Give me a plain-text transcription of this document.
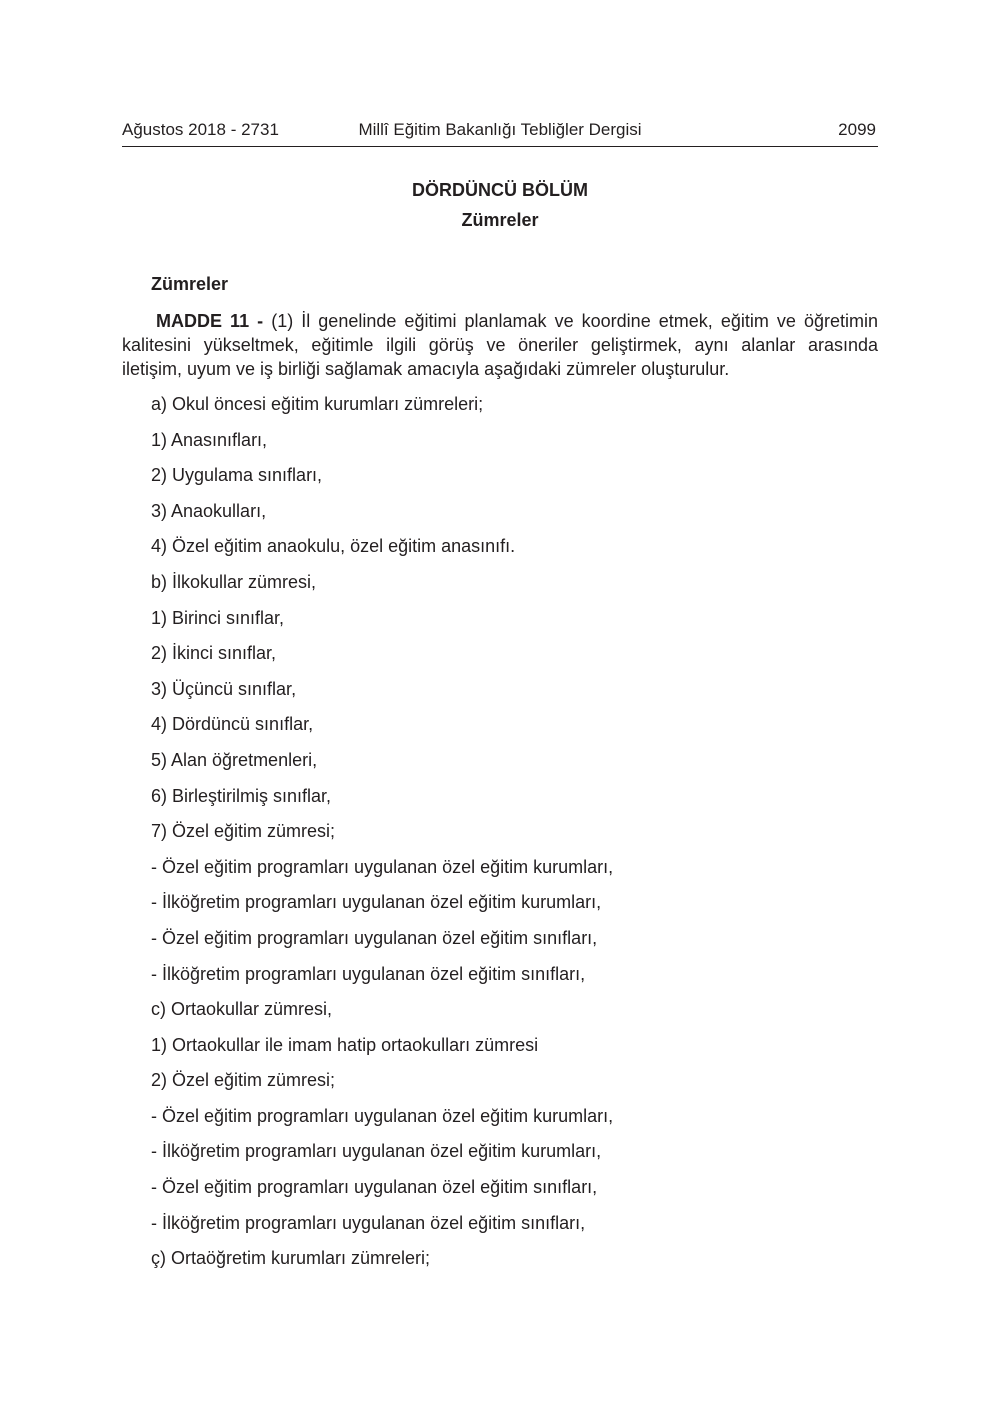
Ağustos 2018 - 2731	Millî Eğitim Bakanlığı Tebliğler Dergisi	2099
DÖRDÜNCÜ BÖLÜM
Zümreler
Zümreler
MADDE 11 - (1) İl genelinde eğitimi planlamak ve koordine etmek, eğitim ve öğretimin
kalitesini yükseltmek, eğitimle ilgili görüş ve öneriler geliştirmek, aynı alanlar arasında
iletişim, uyum ve iş birliği sağlamak amacıyla aşağıdaki zümreler oluşturulur.
a) Okul öncesi eğitim kurumları zümreleri;
1) Anasınıfları,
2) Uygulama sınıfları,
3) Anaokulları,
4) Özel eğitim anaokulu, özel eğitim anasınıfı.
b) İlkokullar zümresi,
1) Birinci sınıflar,
2) İkinci sınıflar,
3) Üçüncü sınıflar,
4) Dördüncü sınıflar,
5) Alan öğretmenleri,
6) Birleştirilmiş sınıflar,
7) Özel eğitim zümresi;
- Özel eğitim programları uygulanan özel eğitim kurumları,
- İlköğretim programları uygulanan özel eğitim kurumları,
- Özel eğitim programları uygulanan özel eğitim sınıfları,
- İlköğretim programları uygulanan özel eğitim sınıfları,
c) Ortaokullar zümresi,
1) Ortaokullar ile imam hatip ortaokulları zümresi
2) Özel eğitim zümresi;
- Özel eğitim programları uygulanan özel eğitim kurumları,
- İlköğretim programları uygulanan özel eğitim kurumları,
- Özel eğitim programları uygulanan özel eğitim sınıfları,
- İlköğretim programları uygulanan özel eğitim sınıfları,
ç) Ortaöğretim kurumları zümreleri;
